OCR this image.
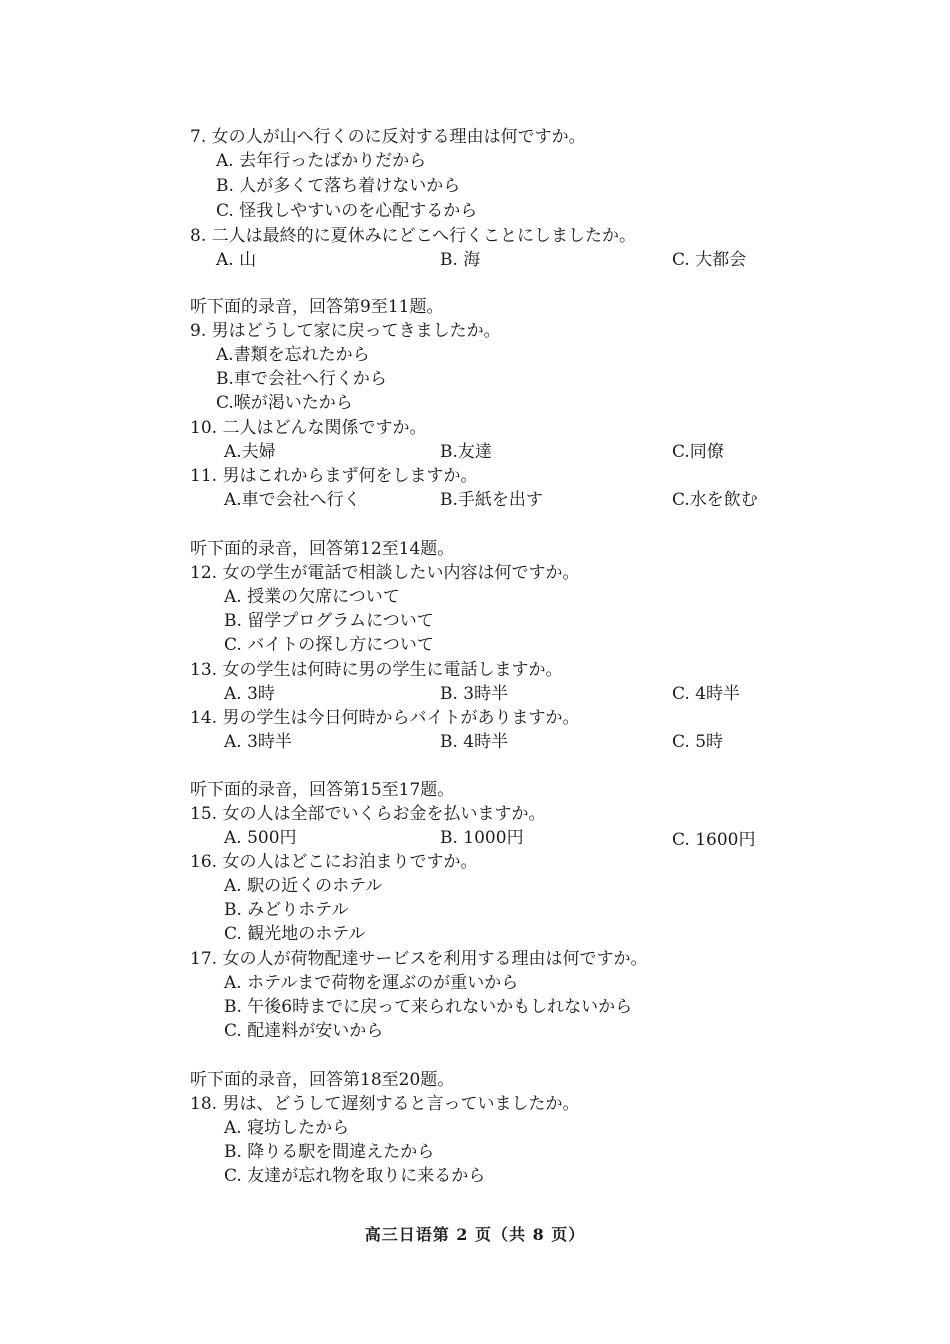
7. 女の人が山へ行くのに反対する理由は何ですか。
A. 去年行ったばかりだから
B. 人が多くて落ち着けないから
C. 怪我しやすいのを心配するから
8. 二人は最終的に夏休みにどこへ行くことにしましたか。
A. 山	B. 海	C. 大都会
听下面的录音，回答第9至11题。
9. 男はどうして家に戻ってきましたか。
A.書類を忘れたから
B.車で会社へ行くから
C.喉が渇いたから
10. 二人はどんな関係ですか。
A.夫婦	B.友達	C.同僚
11. 男はこれからまず何をしますか。
A.車で会社へ行く	B.手紙を出す	C.水を飲む
听下面的录音，回答第12至14题。
12. 女の学生が電話で相談したい内容は何ですか。
A. 授業の欠席について
B. 留学プログラムについて
C. バイトの探し方について
13. 女の学生は何時に男の学生に電話しますか。
A. 3時	B. 3時半	C. 4時半
14. 男の学生は今日何時からバイトがありますか。
A. 3時半	B. 4時半	C. 5時
听下面的录音，回答第15至17题。
15. 女の人は全部でいくらお金を払いますか。
A. 500円	B. 1000円	C. 1600円
16. 女の人はどこにお泊まりですか。
A. 駅の近くのホテル
B. みどりホテル
C. 観光地のホテル
17. 女の人が荷物配達サービスを利用する理由は何ですか。
A. ホテルまで荷物を運ぶのが重いから
B. 午後6時までに戻って来られないかもしれないから
C. 配達料が安いから
听下面的录音，回答第18至20题。
18. 男は、どうして遅刻すると言っていましたか。
A. 寝坊したから
B. 降りる駅を間違えたから
C. 友達が忘れ物を取りに来るから
高三日语第 2 页（共 8 页）
